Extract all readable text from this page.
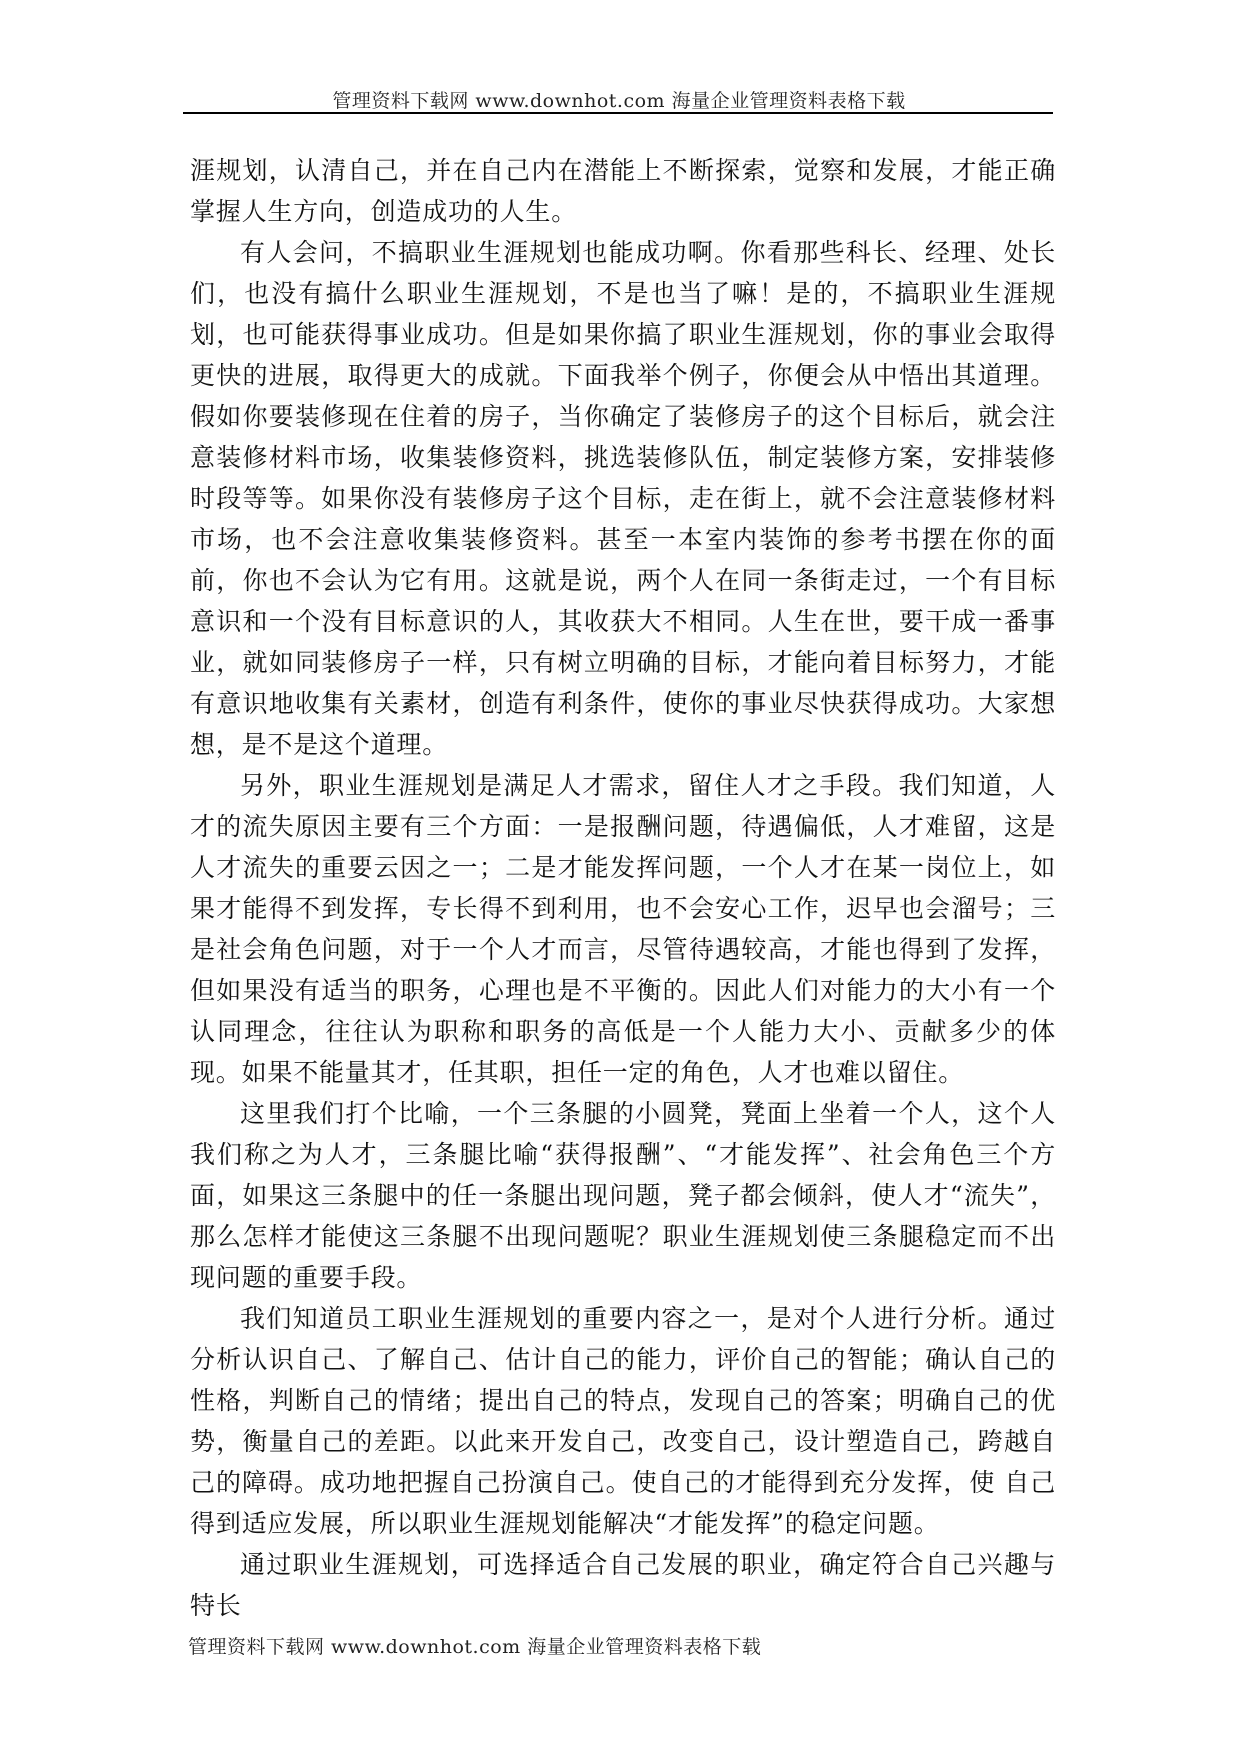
管理资料下载网 www.downhot.com 海量企业管理资料表格下载

涯规划，认清自己，并在自己内在潜能上不断探索，觉察和发展，才能正确掌握人生方向，创造成功的人生。

有人会问，不搞职业生涯规划也能成功啊。你看那些科长、经理、处长们，也没有搞什么职业生涯规划，不是也当了嘛！是的，不搞职业生涯规划，也可能获得事业成功。但是如果你搞了职业生涯规划，你的事业会取得更快的进展，取得更大的成就。下面我举个例子，你便会从中悟出其道理。假如你要装修现在住着的房子，当你确定了装修房子的这个目标后，就会注意装修材料市场，收集装修资料，挑选装修队伍，制定装修方案，安排装修时段等等。如果你没有装修房子这个目标，走在街上，就不会注意装修材料市场，也不会注意收集装修资料。甚至一本室内装饰的参考书摆在你的面前，你也不会认为它有用。这就是说，两个人在同一条街走过，一个有目标意识和一个没有目标意识的人，其收获大不相同。人生在世，要干成一番事业，就如同装修房子一样，只有树立明确的目标，才能向着目标努力，才能有意识地收集有关素材，创造有利条件，使你的事业尽快获得成功。大家想想，是不是这个道理。

另外，职业生涯规划是满足人才需求，留住人才之手段。我们知道，人才的流失原因主要有三个方面：一是报酬问题，待遇偏低，人才难留，这是人才流失的重要云因之一；二是才能发挥问题，一个人才在某一岗位上，如果才能得不到发挥，专长得不到利用，也不会安心工作，迟早也会溜号；三是社会角色问题，对于一个人才而言，尽管待遇较高，才能也得到了发挥，但如果没有适当的职务，心理也是不平衡的。因此人们对能力的大小有一个认同理念，往往认为职称和职务的高低是一个人能力大小、贡献多少的体现。如果不能量其才，任其职，担任一定的角色，人才也难以留住。

这里我们打个比喻，一个三条腿的小圆凳，凳面上坐着一个人，这个人我们称之为人才，三条腿比喻“获得报酬”、“才能发挥”、社会角色三个方面，如果这三条腿中的任一条腿出现问题，凳子都会倾斜，使人才“流失”，那么怎样才能使这三条腿不出现问题呢？职业生涯规划使三条腿稳定而不出现问题的重要手段。

我们知道员工职业生涯规划的重要内容之一，是对个人进行分析。通过分析认识自己、了解自己、估计自己的能力，评价自己的智能；确认自己的性格，判断自己的情绪；提出自己的特点，发现自己的答案；明确自己的优势，衡量自己的差距。以此来开发自己，改变自己，设计塑造自己，跨越自己的障碍。成功地把握自己扮演自己。使自己的才能得到充分发挥，使 自己得到适应发展，所以职业生涯规划能解决“才能发挥”的稳定问题。

通过职业生涯规划，可选择适合自己发展的职业，确定符合自己兴趣与特长

管理资料下载网 www.downhot.com 海量企业管理资料表格下载
